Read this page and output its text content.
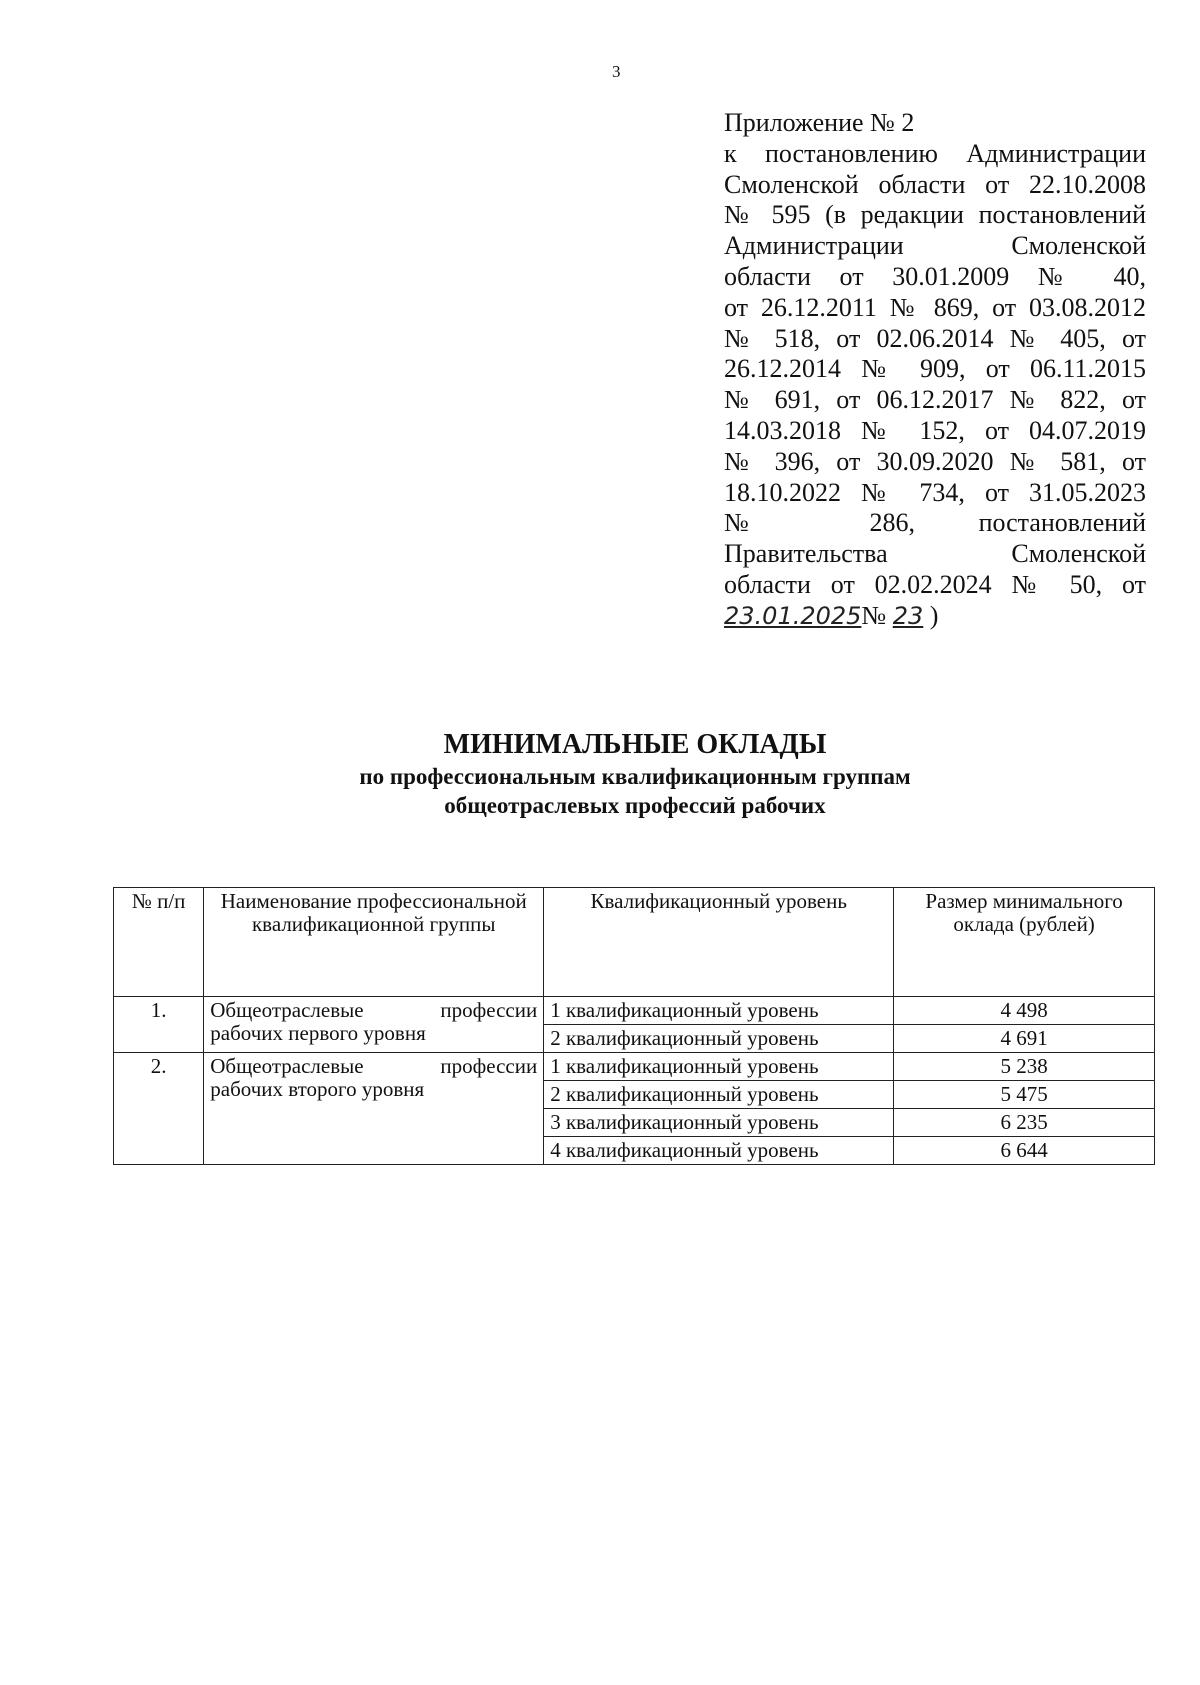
3
Приложение № 2
к постановлению Администрации
Смоленской области от 22.10.2008
№ 595 (в редакции постановлений
Администрации Смоленской
области от 30.01.2009 № 40,
от 26.12.2011 № 869, от 03.08.2012
№ 518, от 02.06.2014 № 405, от
26.12.2014 № 909, от 06.11.2015
№ 691, от 06.12.2017 № 822, от
14.03.2018 № 152, от 04.07.2019
№ 396, от 30.09.2020 № 581, от
18.10.2022 № 734, от 31.05.2023
№ 286, постановлений
Правительства Смоленской
области от 02.02.2024 № 50, от
23.01.2025№ 23 )
МИНИМАЛЬНЫЕ ОКЛАДЫ
по профессиональным квалификационным группам
общеотраслевых профессий рабочих
№ п/п	Наименование профессиональной квалификационной группы	Квалификационный уровень	Размер минимального оклада (рублей)
1.	Общеотраслевые профессии рабочих первого уровня	1 квалификационный уровень	4 498
		2 квалификационный уровень	4 691
2.	Общеотраслевые профессии рабочих второго уровня	1 квалификационный уровень	5 238
		2 квалификационный уровень	5 475
		3 квалификационный уровень	6 235
		4 квалификационный уровень	6 644
